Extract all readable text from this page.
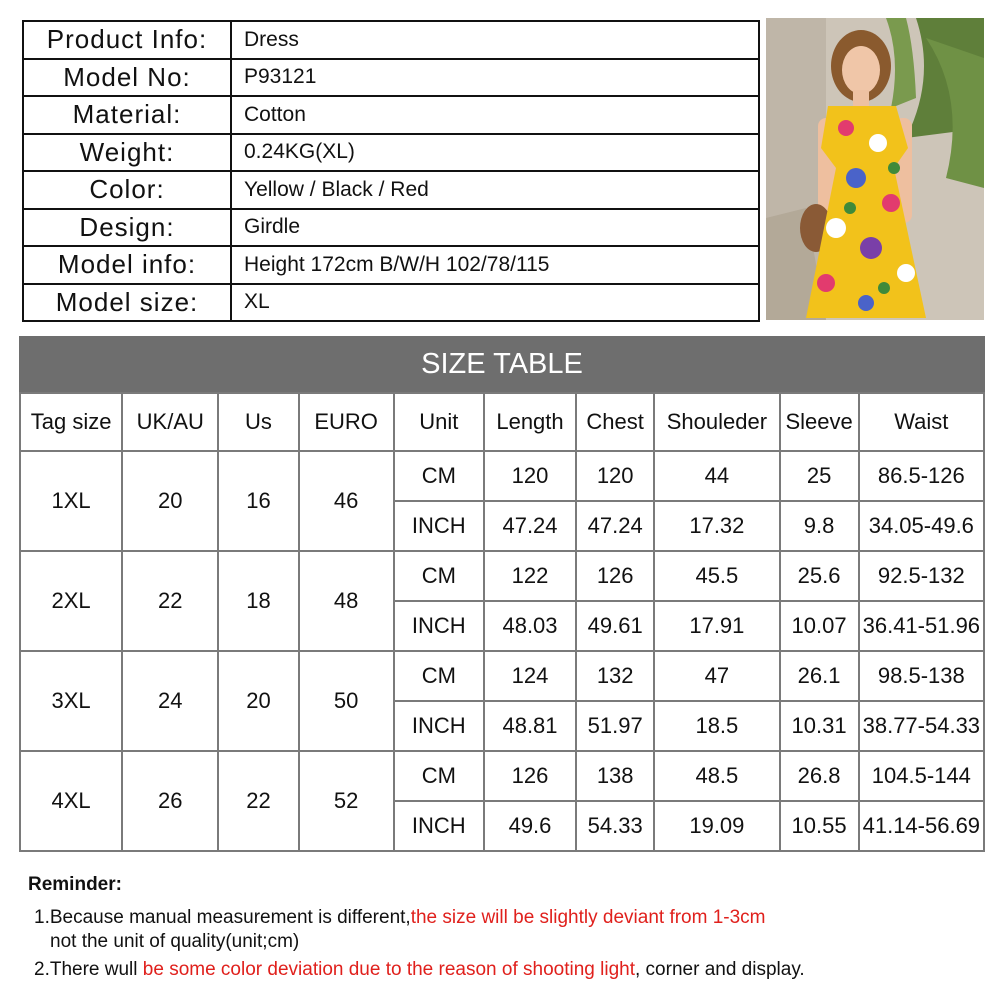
Product Info:	Dress
Model No:	P93121
Material:	Cotton
Weight:	0.24KG(XL)
Color:	Yellow / Black / Red
Design:	Girdle
Model info:	Height 172cm B/W/H 102/78/115
Model size:	XL
SIZE TABLE
Tag size	UK/AU	Us	EURO	Unit	Length	Chest	Shouleder	Sleeve	Waist
1XL	20	16	46	CM	120	120	44	25	86.5-126
				INCH	47.24	47.24	17.32	9.8	34.05-49.6
2XL	22	18	48	CM	122	126	45.5	25.6	92.5-132
				INCH	48.03	49.61	17.91	10.07	36.41-51.96
3XL	24	20	50	CM	124	132	47	26.1	98.5-138
				INCH	48.81	51.97	18.5	10.31	38.77-54.33
4XL	26	22	52	CM	126	138	48.5	26.8	104.5-144
				INCH	49.6	54.33	19.09	10.55	41.14-56.69
Reminder:
1.Because manual measurement is different,the size will be slightly deviant from 1-3cm
not the unit of quality(unit;cm)
2.There wull be some color deviation due to the reason of shooting light, corner and display.
